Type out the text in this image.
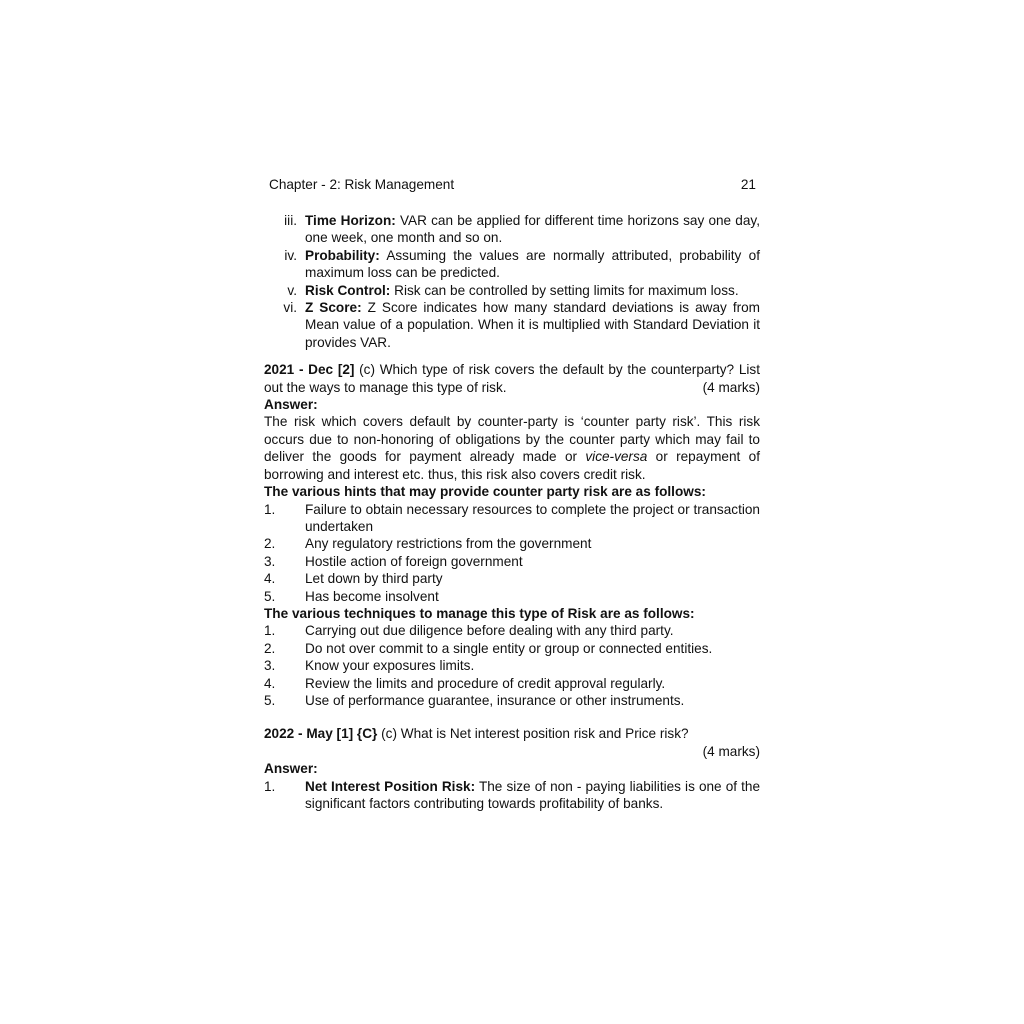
Chapter - 2: Risk Management	21
iii. Time Horizon: VAR can be applied for different time horizons say one day, one week, one month and so on.
iv. Probability: Assuming the values are normally attributed, probability of maximum loss can be predicted.
v. Risk Control: Risk can be controlled by setting limits for maximum loss.
vi. Z Score: Z Score indicates how many standard deviations is away from Mean value of a population. When it is multiplied with Standard Deviation it provides VAR.

2021 - Dec [2] (c) Which type of risk covers the default by the counterparty? List out the ways to manage this type of risk.	(4 marks)

Answer:

The risk which covers default by counter-party is ‘counter party risk’. This risk occurs due to non-honoring of obligations by the counter party which may fail to deliver the goods for payment already made or vice-versa or repayment of borrowing and interest etc. thus, this risk also covers credit risk.

The various hints that may provide counter party risk are as follows:
1.	Failure to obtain necessary resources to complete the project or transaction undertaken
2.	Any regulatory restrictions from the government
3.	Hostile action of foreign government
4.	Let down by third party
5.	Has become insolvent
The various techniques to manage this type of Risk are as follows:
1.	Carrying out due diligence before dealing with any third party.
2.	Do not over commit to a single entity or group or connected entities.
3.	Know your exposures limits.
4.	Review the limits and procedure of credit approval regularly.
5.	Use of performance guarantee, insurance or other instruments.

2022 - May [1] {C} (c) What is Net interest position risk and Price risk?

(4 marks)
Answer:
1.	Net Interest Position Risk: The size of non - paying liabilities is one of the significant factors contributing towards profitability of banks.
